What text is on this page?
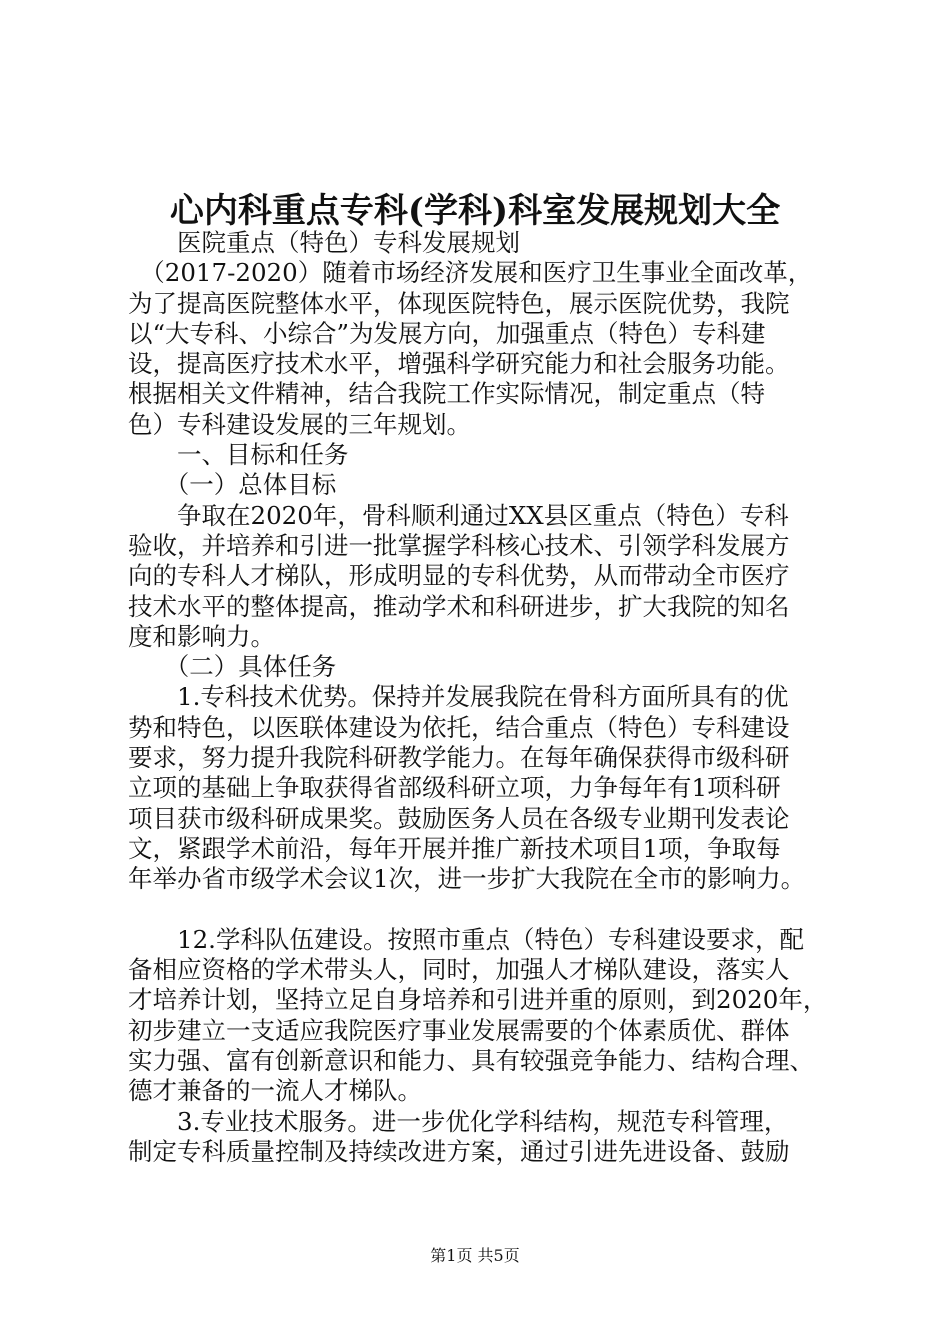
心内科重点专科(学科)科室发展规划大全
　　医院重点（特色）专科发展规划
　（2017-2020）随着市场经济发展和医疗卫生事业全面改革，
为了提高医院整体水平，体现医院特色，展示医院优势，我院
以“大专科、小综合”为发展方向，加强重点（特色）专科建
设，提高医疗技术水平，增强科学研究能力和社会服务功能。
根据相关文件精神，结合我院工作实际情况，制定重点（特
色）专科建设发展的三年规划。
　　一、目标和任务
　　（一）总体目标
　　争取在2020年，骨科顺利通过XX县区重点（特色）专科
验收，并培养和引进一批掌握学科核心技术、引领学科发展方
向的专科人才梯队，形成明显的专科优势，从而带动全市医疗
技术水平的整体提高，推动学术和科研进步，扩大我院的知名
度和影响力。
　　（二）具体任务
　　1.专科技术优势。保持并发展我院在骨科方面所具有的优
势和特色，以医联体建设为依托，结合重点（特色）专科建设
要求，努力提升我院科研教学能力。在每年确保获得市级科研
立项的基础上争取获得省部级科研立项，力争每年有1项科研
项目获市级科研成果奖。鼓励医务人员在各级专业期刊发表论
文，紧跟学术前沿，每年开展并推广新技术项目1项，争取每
年举办省市级学术会议1次，进一步扩大我院在全市的影响力。
　　12.学科队伍建设。按照市重点（特色）专科建设要求，配
备相应资格的学术带头人，同时，加强人才梯队建设，落实人
才培养计划，坚持立足自身培养和引进并重的原则，到2020年，
初步建立一支适应我院医疗事业发展需要的个体素质优、群体
实力强、富有创新意识和能力、具有较强竞争能力、结构合理、
德才兼备的一流人才梯队。
　　3.专业技术服务。进一步优化学科结构，规范专科管理，
制定专科质量控制及持续改进方案，通过引进先进设备、鼓励
第1页 共5页
